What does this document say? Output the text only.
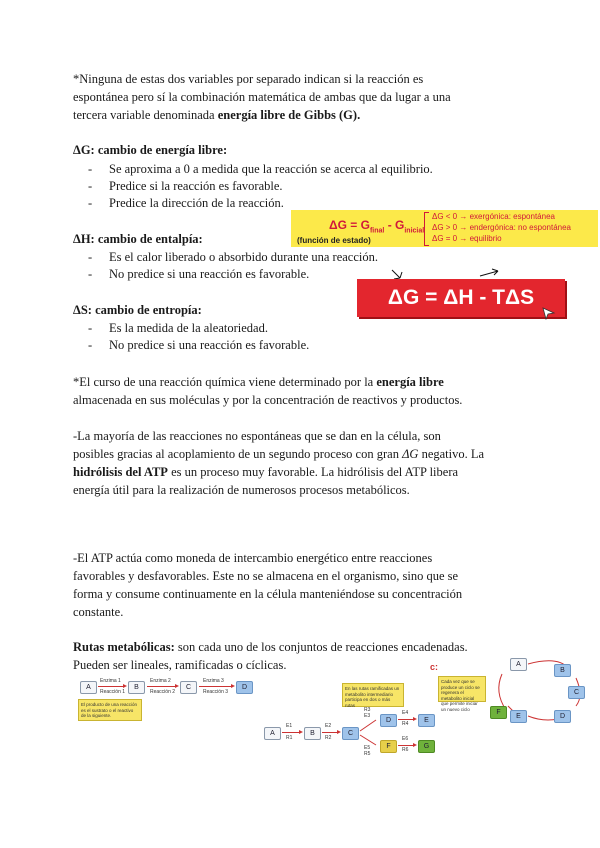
*Ninguna de estas dos variables por separado indican si la reacción es
espontánea pero sí la combinación matemática de ambas que da lugar a una
tercera variable denominada energía libre de Gibbs (G).
ΔG: cambio de energía libre:
- Se aproxima a 0 a medida que la reacción se acerca al equilibrio.
- Predice si la reacción es favorable.
- Predice la dirección de la reacción.
$\Delta G = G_{final} - G_{inicial}$
(función de estado)
ΔG < 0 → exergónica: espontánea
ΔG > 0 → endergónica: no espontánea
ΔG = 0 → equilibrio
ΔH: cambio de entalpía:
- Es el calor liberado o absorbido durante una reacción.
- No predice si una reacción es favorable.
ΔG = ΔH - TΔS
ΔS: cambio de entropía:
- Es la medida de la aleatoriedad.
- No predice si una reacción es favorable.
*El curso de una reacción química viene determinado por la energía libre
almacenada en sus moléculas y por la concentración de reactivos y productos.
-La mayoría de las reacciones no espontáneas que se dan en la célula, son
posibles gracias al acoplamiento de un segundo proceso con gran ΔG negativo. La
hidrólisis del ATP es un proceso muy favorable. La hidrólisis del ATP libera
energía útil para la realización de numerosos procesos metabólicos.
-El ATP actúa como moneda de intercambio energético entre reacciones
favorables y desfavorables. Este no se almacena en el organismo, sino que se
forma y consume continuamente en la célula manteniéndose su concentración
constante.
Rutas metabólicas: son cada uno de los conjuntos de reacciones encadenadas.
Pueden ser lineales, ramificadas o cíclicas.
A	B	C	D
Enzima 1	Enzima 2	Enzima 3
Reacción 1	Reacción 2	Reacción 3
El producto de una reacción es el sustrato o el reactivo de la siguiente.
En las rutas ramificadas un metabolito intermediario participa en dos o más rutas
A	B	C
D	E
F	G
E1	E2
E3	E4
E5
E6
R1	R2
R3
R4
R5
R6
c:
Cada vez que se produce un ciclo se regenera el metabolito inicial que permite iniciar un nuevo ciclo
A
B
C
D
E
F
